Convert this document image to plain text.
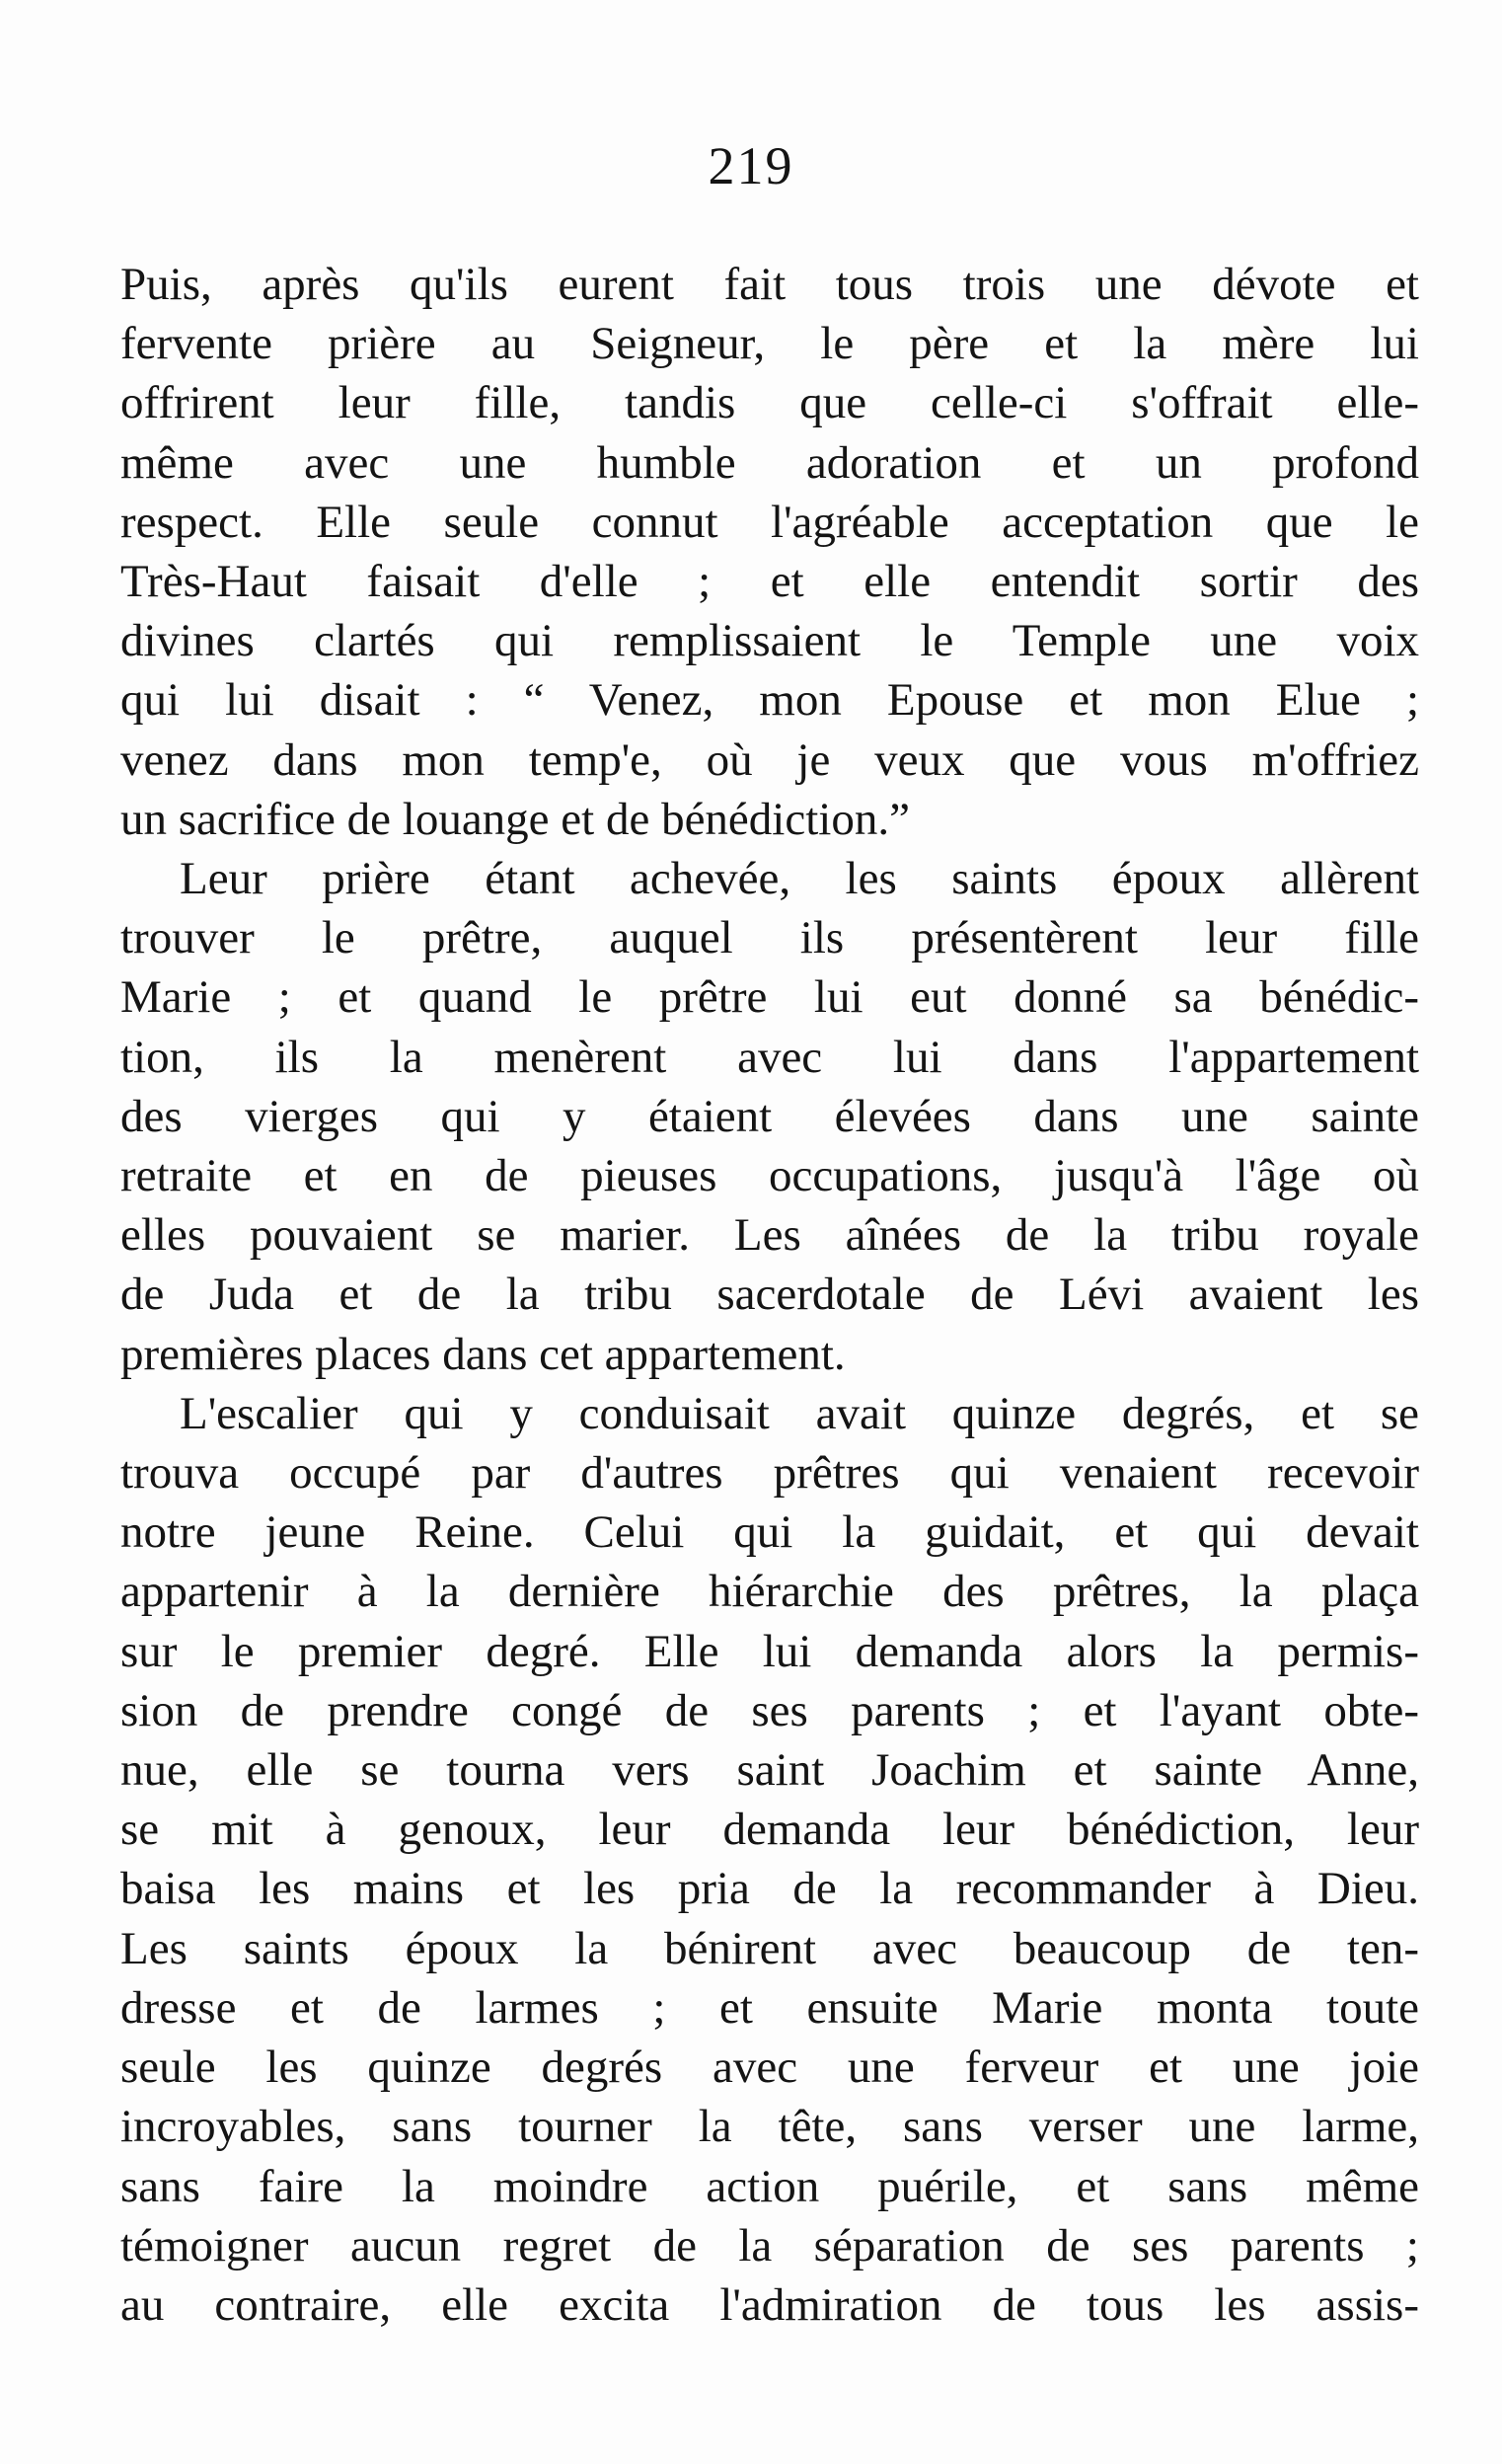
219
Puis, après qu'ils eurent fait tous trois une dévote et
fervente prière au Seigneur, le père et la mère lui
offrirent leur fille, tandis que celle-ci s'offrait elle-
même avec une humble adoration et un profond
respect. Elle seule connut l'agréable acceptation que le
Très-Haut faisait d'elle ; et elle entendit sortir des
divines clartés qui remplissaient le Temple une voix
qui lui disait : “ Venez, mon Epouse et mon Elue ;
venez dans mon temp'e, où je veux que vous m'offriez
un sacrifice de louange et de bénédiction.”
Leur prière étant achevée, les saints époux allèrent
trouver le prêtre, auquel ils présentèrent leur fille
Marie ; et quand le prêtre lui eut donné sa bénédic-
tion, ils la menèrent avec lui dans l'appartement
des vierges qui y étaient élevées dans une sainte
retraite et en de pieuses occupations, jusqu'à l'âge où
elles pouvaient se marier. Les aînées de la tribu royale
de Juda et de la tribu sacerdotale de Lévi avaient les
premières places dans cet appartement.
L'escalier qui y conduisait avait quinze degrés, et se
trouva occupé par d'autres prêtres qui venaient recevoir
notre jeune Reine. Celui qui la guidait, et qui devait
appartenir à la dernière hiérarchie des prêtres, la plaça
sur le premier degré. Elle lui demanda alors la permis-
sion de prendre congé de ses parents ; et l'ayant obte-
nue, elle se tourna vers saint Joachim et sainte Anne,
se mit à genoux, leur demanda leur bénédiction, leur
baisa les mains et les pria de la recommander à Dieu.
Les saints époux la bénirent avec beaucoup de ten-
dresse et de larmes ; et ensuite Marie monta toute
seule les quinze degrés avec une ferveur et une joie
incroyables, sans tourner la tête, sans verser une larme,
sans faire la moindre action puérile, et sans même
témoigner aucun regret de la séparation de ses parents ;
au contraire, elle excita l'admiration de tous les assis-
